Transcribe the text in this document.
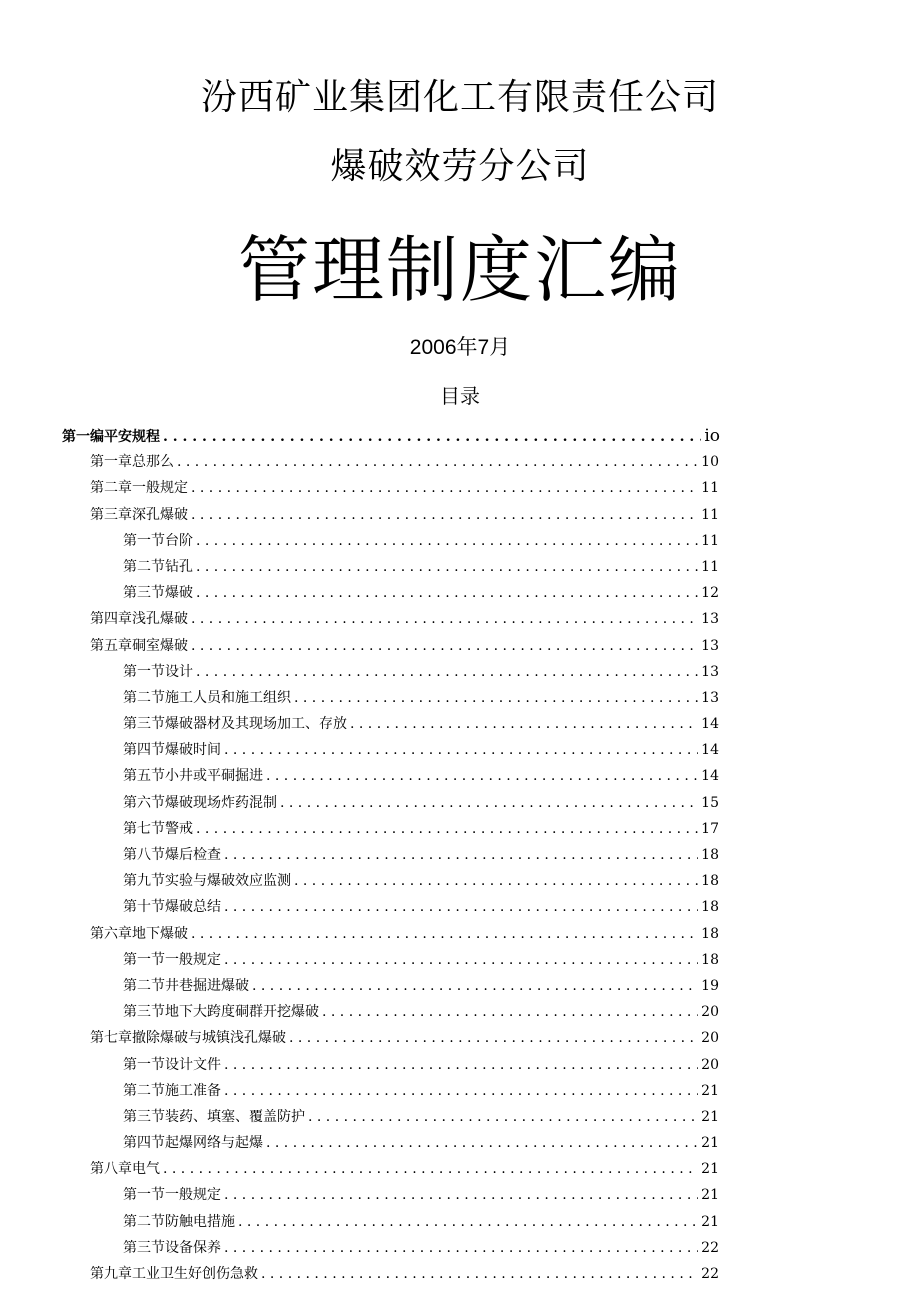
汾西矿业集团化工有限责任公司
爆破效劳分公司
管理制度汇编
2006年7月
目录
第一编平安规程 . . .	io
第一章总那么 . . .	10
第二章一般规定 . . .	11
第三章深孔爆破 . . .	11
第一节台阶 . . .	11
第二节钻孔 . . .	11
第三节爆破 . . .	12
第四章浅孔爆破 . . .	13
第五章硐室爆破 . . .	13
第一节设计 . . .	13
第二节施工人员和施工组织 . . .	13
第三节爆破器材及其现场加工、存放 . . .	14
第四节爆破时间 . . .	14
第五节小井或平硐掘进 . . .	14
第六节爆破现场炸药混制 . . .	15
第七节警戒 . . .	17
第八节爆后检查 . . .	18
第九节实验与爆破效应监测 . . .	18
第十节爆破总结 . . .	18
第六章地下爆破 . . .	18
第一节一般规定 . . .	18
第二节井巷掘进爆破 . . .	19
第三节地下大跨度硐群开挖爆破 . . .	20
第七章撤除爆破与城镇浅孔爆破 . . .	20
第一节设计文件 . . .	20
第二节施工准备 . . .	21
第三节装药、填塞、覆盖防护 . . .	21
第四节起爆网络与起爆 . . .	21
第八章电气 . . .	21
第一节一般规定 . . .	21
第二节防触电措施 . . .	21
第三节设备保养 . . .	22
第九章工业卫生好创伤急救 . . .	22
